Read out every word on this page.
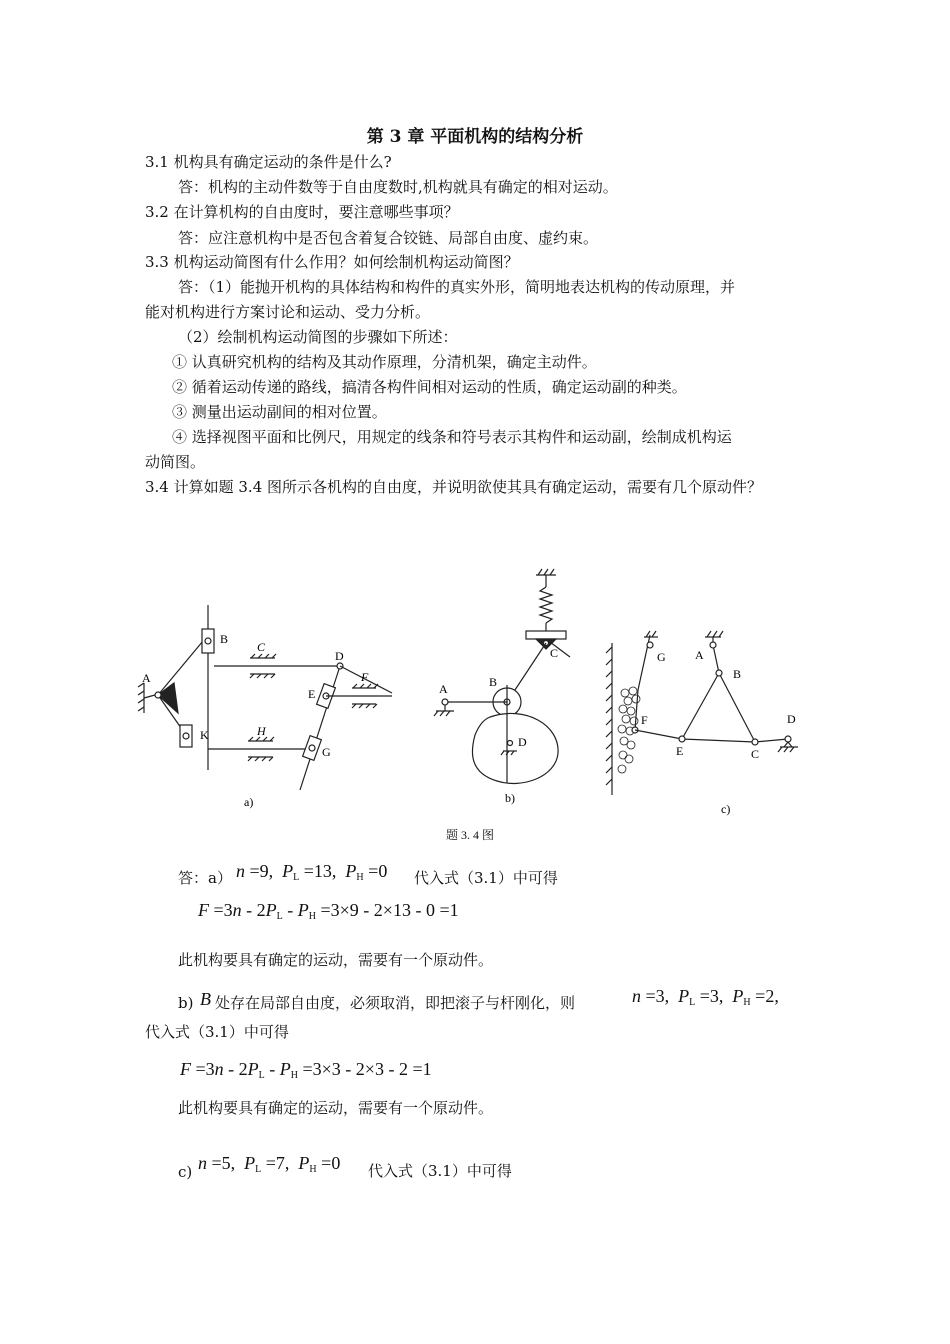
第 3 章 平面机构的结构分析
3.1 机构具有确定运动的条件是什么?
答：机构的主动件数等于自由度数时,机构就具有确定的相对运动。
3.2 在计算机构的自由度时，要注意哪些事项？
答：应注意机构中是否包含着复合铰链、局部自由度、虚约束。
3.3 机构运动简图有什么作用？如何绘制机构运动简图？
答：（1）能抛开机构的具体结构和构件的真实外形，简明地表达机构的传动原理，并
能对机构进行方案讨论和运动、受力分析。
（2）绘制机构运动简图的步骤如下所述：
① 认真研究机构的结构及其动作原理，分清机架，确定主动件。
② 循着运动传递的路线，搞清各构件间相对运动的性质，确定运动副的种类。
③ 测量出运动副间的相对位置。
④ 选择视图平面和比例尺，用规定的线条和符号表示其构件和运动副，绘制成机构运
动简图。
3.4 计算如题 3.4 图所示各机构的自由度，并说明欲使其具有确定运动，需要有几个原动件？
B
C
D
A	F
E
K	H
G
C
B
A
D
G A
B
F
E	C
D
a)	b)
c)
题 3. 4 图
答：a） n =9,  $P_L =13$,  $P_H =0$ 代入式（3.1）中可得
$F =3n - 2P_L - P_H =3\times 9 - 2\times 13 - 0 =1$
此机构要具有确定的运动，需要有一个原动件。
b) B 处存在局部自由度，必须取消，即把滚子与杆刚化，则	n =3,  $P_L =3$,  $P_H =2$,
代入式（3.1）中可得
$F =3n - 2P_L - P_H =3\times 3 - 2\times 3 - 2 =1$
此机构要具有确定的运动，需要有一个原动件。
c) n =5,  $P_L =7$,  $P_H =0$ 代入式（3.1）中可得
